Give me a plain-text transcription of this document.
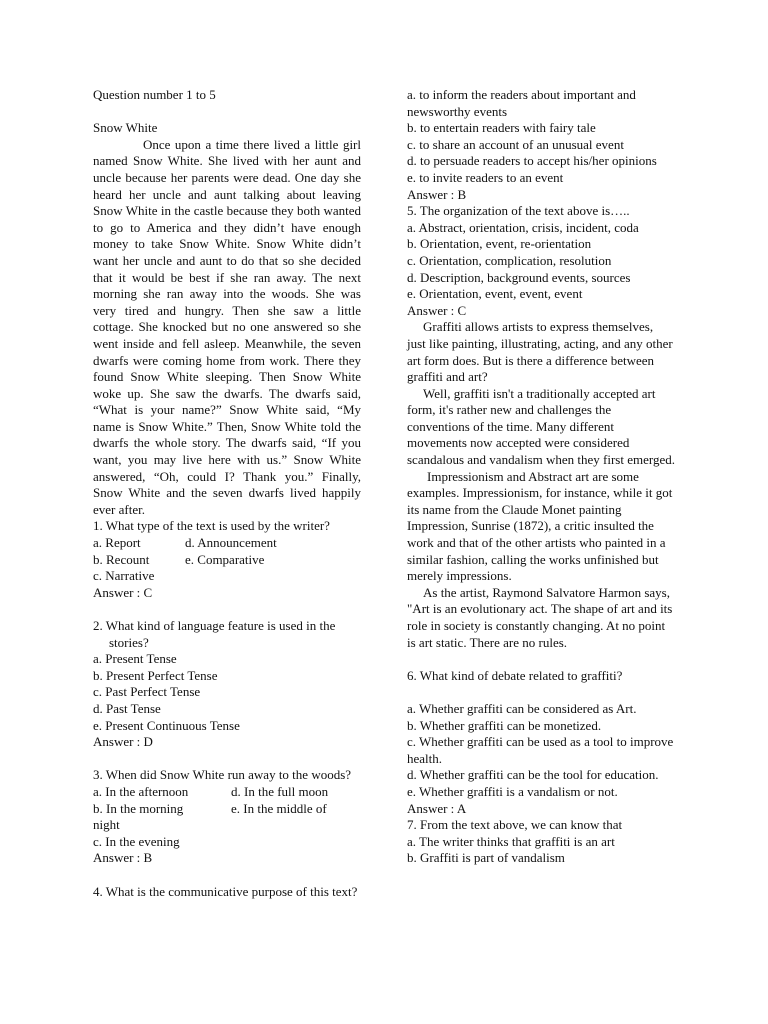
Question number 1 to 5
Snow White

Once upon a time there lived a little girl named Snow White. She lived with her aunt and uncle because her parents were dead. One day she heard her uncle and aunt talking about leaving Snow White in the castle because they both wanted to go to America and they didn’t have enough money to take Snow White. Snow White didn’t want her uncle and aunt to do that so she decided that it would be best if she ran away. The next morning she ran away into the woods. She was very tired and hungry. Then she saw a little cottage. She knocked but no one answered so she went inside and fell asleep. Meanwhile, the seven dwarfs were coming home from work. There they found Snow White sleeping. Then Snow White woke up. She saw the dwarfs. The dwarfs said, “What is your name?” Snow White said, “My name is Snow White.” Then, Snow White told the dwarfs the whole story. The dwarfs said, “If you want, you may live here with us.” Snow White answered, “Oh, could I? Thank you.” Finally, Snow White and the seven dwarfs lived happily ever after.

1. What type of the text is used by the writer?
a. Report	d. Announcement
b. Recount	e. Comparative
c. Narrative
Answer : C
2. What kind of language feature is used in the
stories?
a. Present Tense
b. Present Perfect Tense
c. Past Perfect Tense
d. Past Tense
e. Present Continuous Tense
Answer : D
3. When did Snow White run away to the woods?
a. In the afternoon	d. In the full moon
b. In the morning	e. In the middle of
night
c. In the evening
Answer : B
4. What is the communicative purpose of this text?
a. to inform the readers about important and newsworthy events
b. to entertain readers with fairy tale
c. to share an account of an unusual event
d. to persuade readers to accept his/her opinions
e. to invite readers to an event
Answer : B
5. The organization of the text above is…..
a. Abstract, orientation, crisis, incident, coda
b. Orientation, event, re-orientation
c. Orientation, complication, resolution
d. Description, background events, sources
e. Orientation, event, event, event
Answer : C

Graffiti allows artists to express themselves, just like painting, illustrating, acting, and any other art form does. But is there a difference between graffiti and art?

Well, graffiti isn't a traditionally accepted art form, it's rather new and challenges the conventions of the time. Many different movements now accepted were considered scandalous and vandalism when they first emerged.

Impressionism and Abstract art are some examples. Impressionism, for instance, while it got its name from the Claude Monet painting Impression, Sunrise (1872), a critic insulted the work and that of the other artists who painted in a similar fashion, calling the works unfinished but merely impressions.

As the artist, Raymond Salvatore Harmon says, "Art is an evolutionary act. The shape of art and its role in society is constantly changing. At no point is art static. There are no rules.

6. What kind of debate related to graffiti?
a. Whether graffiti can be considered as Art.
b. Whether graffiti can be monetized.
c. Whether graffiti can be used as a tool to improve health.
d. Whether graffiti can be the tool for education.
e. Whether graffiti is a vandalism or not.
Answer : A
7. From the text above, we can know that
a. The writer thinks that graffiti is an art
b. Graffiti is part of vandalism
